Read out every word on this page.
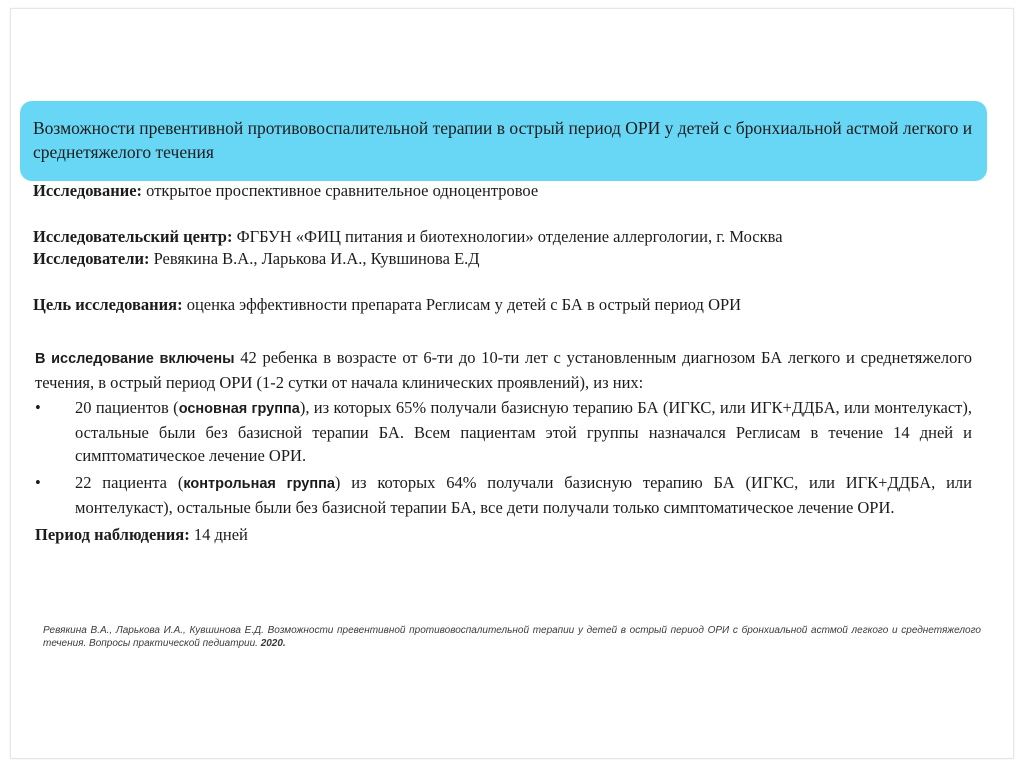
Возможности превентивной противовоспалительной терапии в острый период ОРИ у детей с бронхиальной астмой легкого и среднетяжелого течения
Исследование: открытое проспективное сравнительное одноцентровое
Исследовательский центр: ФГБУН «ФИЦ питания и биотехнологии» отделение аллергологии, г. Москва
Исследователи: Ревякина В.А., Ларькова И.А., Кувшинова Е.Д
Цель исследования: оценка эффективности препарата Реглисам у детей с БА в острый период ОРИ
В исследование включены 42 ребенка в возрасте от 6-ти до 10-ти лет с установленным диагнозом БА легкого и среднетяжелого течения, в острый период ОРИ (1-2 сутки от начала клинических проявлений), из них:
• 20 пациентов (основная группа), из которых 65% получали базисную терапию БА (ИГКС, или ИГК+ДДБА, или монтелукаст), остальные были без базисной терапии БА. Всем пациентам этой группы назначался Реглисам в течение 14 дней и симптоматическое лечение ОРИ.
• 22 пациента (контрольная группа) из которых 64% получали базисную терапию БА (ИГКС, или ИГК+ДДБА, или монтелукаст), остальные были без базисной терапии БА, все дети получали только симптоматическое лечение ОРИ.
Период наблюдения: 14 дней
Ревякина В.А., Ларькова И.А., Кувшинова Е.Д. Возможности превентивной противовоспалительной терапии у детей в острый период ОРИ с бронхиальной астмой легкого и среднетяжелого течения. Вопросы практической педиатрии. 2020.
